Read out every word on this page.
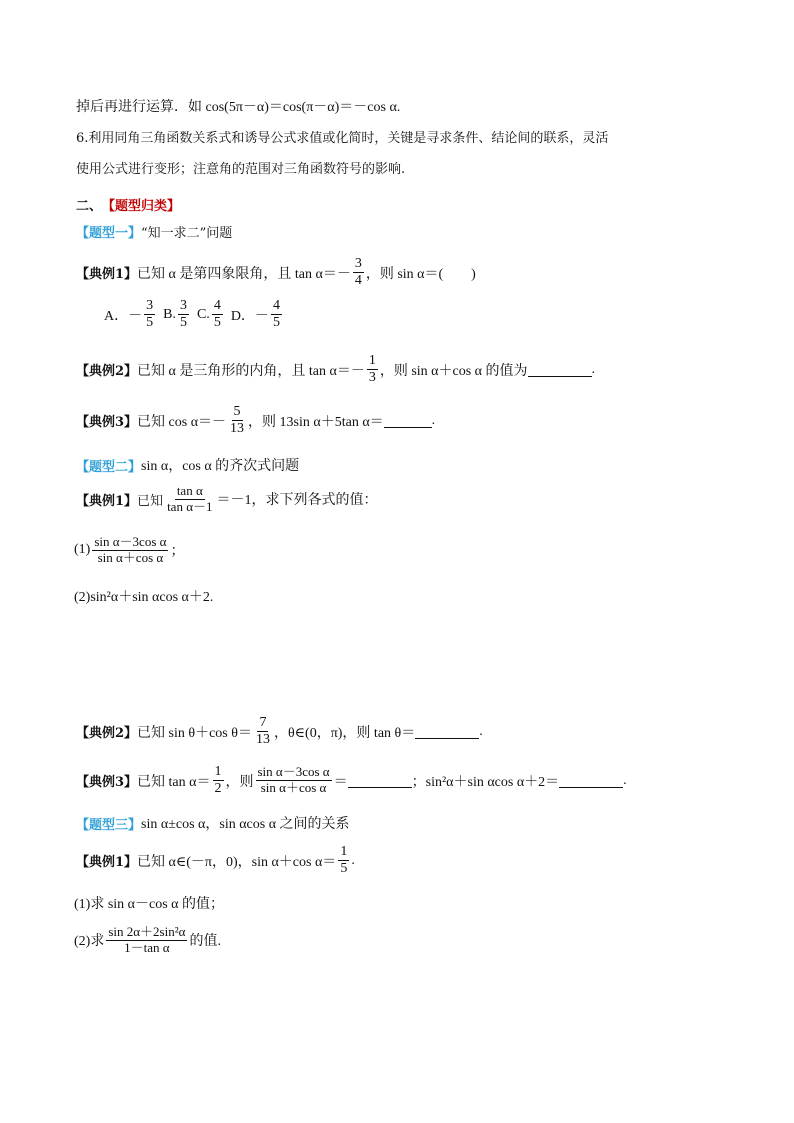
掉后再进行运算．如 cos(5π－α)＝cos(π－α)＝－cos α.
6.利用同角三角函数关系式和诱导公式求值或化简时，关键是寻求条件、结论间的联系，灵活
使用公式进行变形；注意角的范围对三角函数符号的影响.
二、 【题型归类】
【题型一】 “知一求二”问题
【典例1】 已知 α 是第四象限角，且 $\tan \alpha=- \frac{3}{4}$ ，则 sin α＝(　　)
A．－ $\frac{3}{5} B$. $\frac{3}{5} C$. $\frac{4}{5}$ D．－ $\frac{4}{5}$
【典例2】 已知 α 是三角形的内角，且 $\tan \alpha=- \frac{1}{3}$ ，则 sin α＋cos α 的值为	.
【典例3】 已知 $\cos \alpha=- \frac{5}{13}$ ，则 13sin α＋5tan α＝	.
【题型二】 sin α，cos α 的齐次式问题
【典例1】 已知 $\frac{\text{tan α}}{\text{tan α－1}} =-1$，求下列各式的值：
$(1) \frac{\text{sin α－3cos α}}{\text{sin α＋cos α}}$ ；
(2)sin²α＋sin αcos α＋2.
【典例2】 已知 sin θ＋cos $\theta= \frac{7}{13}$ ，θ∈(0，π)，则 tan θ＝	.
【典例3】 已知 $\tan \alpha= \frac{1}{2}$ ，则 $\frac{\text{sin α－3cos α}}{\text{sin α＋cos α}}$ ＝	；sin²α＋sin αcos α＋2＝	.
【题型三】 sin α±cos α，sin αcos α 之间的关系
【典例1】 已知 α∈(－π，0)，sin α＋cos $\alpha= \frac{1}{5}$ .
(1)求 sin α－cos α 的值；
(2)求 $\frac{\text{sin 2α＋2sin²α}}{\text{1－tan α}}$ 的值.
